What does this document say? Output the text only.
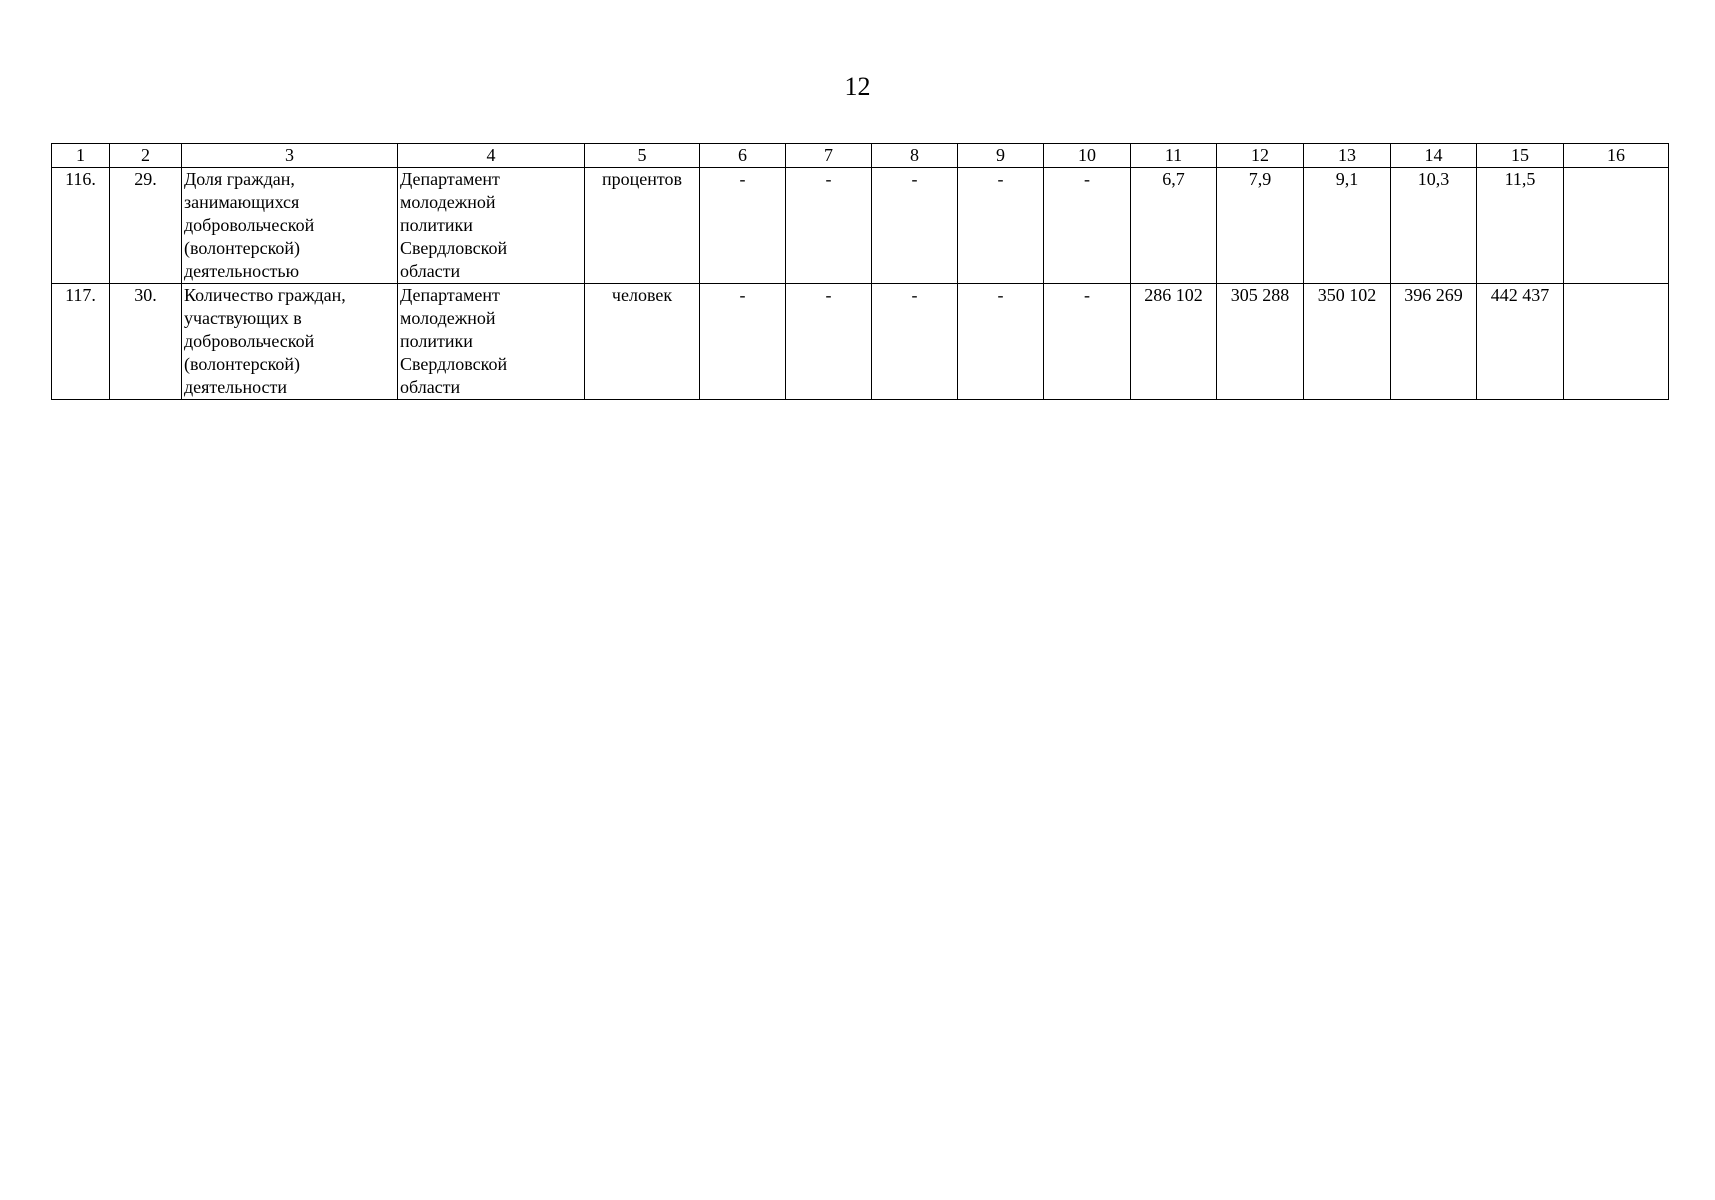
12
1	2	3	4	5	6	7	8	9	10	11	12	13	14	15	16
116.	29.	Доля граждан,
занимающихся
добровольческой
(волонтерской)
деятельностью	Департамент
молодежной
политики
Свердловской
области	процентов	-	-	-	-	-	6,7	7,9	9,1	10,3	11,5	
117.	30.	Количество граждан,
участвующих в
добровольческой
(волонтерской)
деятельности	Департамент
молодежной
политики
Свердловской
области	человек	-	-	-	-	-	286 102	305 288	350 102	396 269	442 437	
